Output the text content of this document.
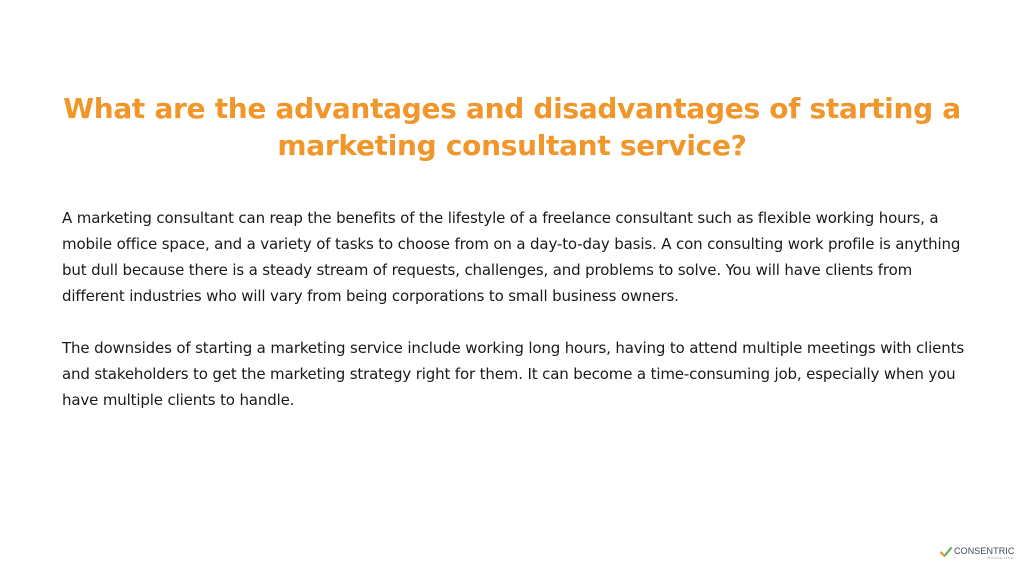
What are the advantages and disadvantages of starting a marketing consultant service?

A marketing consultant can reap the benefits of the lifestyle of a freelance consultant such as flexible working hours, a mobile office space, and a variety of tasks to choose from on a day-to-day basis. A con consulting work profile is anything but dull because there is a steady stream of requests, challenges, and problems to solve. You will have clients from different industries who will vary from being corporations to small business owners.

The downsides of starting a marketing service include working long hours, having to attend multiple meetings with clients and stakeholders to get the marketing strategy right for them. It can become a time-consuming job, especially when you have multiple clients to handle.

CONSENTRIC
MARKETING
